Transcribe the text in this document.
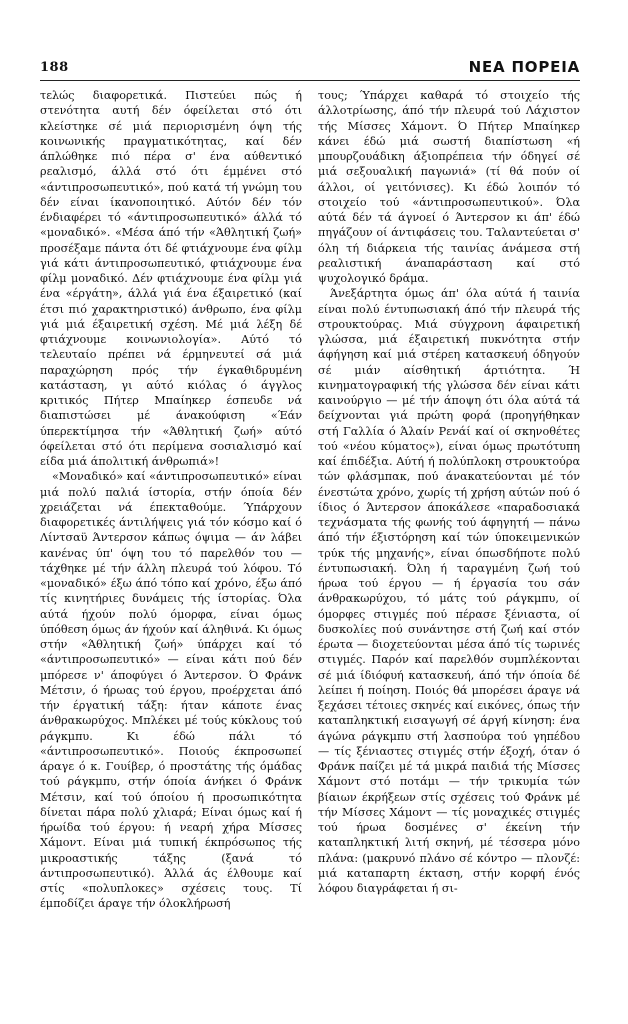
188	ΝΕΑ ΠΟΡΕΙΑ

τελώς διαφορετικά. Πιστεύει πώς ή στενότητα αυτή δέν όφείλεται στό ότι κλείστηκε σέ μιά περιορισμένη όψη τής κοινωνικής πραγματικότητας, καί δέν άπλώθηκε πιό πέρα σ' ένα αύθεντικό ρεαλισμό, άλλά στό ότι έμμένει στό «άντιπροσωπευτικό», πού κατά τή γνώμη του δέν είναι ίκανοποιητικό. Αύτόν δέν τόν ένδιαφέρει τό «άντιπροσωπευτικό» άλλά τό «μοναδικό». «Μέσα άπό τήν «Άθλητική ζωή» προσέξαμε πάντα ότι δέ φτιάχνουμε ένα φίλμ γιά κάτι άντιπροσωπευτικό, φτιάχνουμε ένα φίλμ μοναδικό. Δέν φτιάχνουμε ένα φίλμ γιά ένα «έργάτη», άλλά γιά ένα έξαιρετικό (καί έτσι πιό χαρακτηριστικό) άνθρωπο, ένα φίλμ γιά μιά έξαιρετική σχέση. Μέ μιά λέξη δέ φτιάχνουμε κοινωνιολογία». Αύτό τό τελευταίο πρέπει νά έρμηνευτεί σά μιά παραχώρηση πρός τήν έγκαθιδρυμένη κατάσταση, γι αύτό κιόλας ό άγγλος κριτικός Πήτερ Μπαίηκερ έσπευδε νά διαπιστώσει μέ άνακούφιση «Έάν ύπερεκτίμησα τήν «Άθλητική ζωή» αύτό όφείλεται στό ότι περίμενα σοσιαλισμό καί είδα μιά άπολιτική άνθρωπιά»!

«Μοναδικό» καί «άντιπροσωπευτικό» είναι μιά πολύ παλιά ίστορία, στήν όποία δέν χρειάζεται νά έπεκταθούμε. Ύπάρχουν διαφορετικές άντιλήψεις γιά τόν κόσμο καί ό Λίντσαϋ Άντερσον κάπως όψιμα — άν λάβει κανένας ύπ' όψη του τό παρελθόν του — τάχθηκε μέ τήν άλλη πλευρά τού λόφου. Τό «μοναδικό» έξω άπό τόπο καί χρόνο, έξω άπό τίς κινητήριες δυνάμεις τής ίστορίας. Όλα αύτά ήχούν πολύ όμορφα, είναι όμως ύπόθεση όμως άν ήχούν καί άληθινά. Κι όμως στήν «Άθλητική ζωή» ύπάρχει καί τό «άντιπροσωπευτικό» — είναι κάτι πού δέν μπόρεσε ν' άποφύγει ό Άντερσον. Ό Φράνκ Μέτσιν, ό ήρωας τού έργου, προέρχεται άπό τήν έργατική τάξη: ήταν κάποτε ένας άνθρακωρύχος. Μπλέκει μέ τούς κύκλους τού ράγκμπυ. Κι έδώ πάλι τό «άντιπροσωπευτικό». Ποιούς έκπροσωπεί άραγε ό κ. Γουίβερ, ό προστάτης τής όμάδας τού ράγκμπυ, στήν όποία άνήκει ό Φράνκ Μέτσιν, καί τού όποίου ή προσωπικότητα δίνεται πάρα πολύ χλιαρά; Είναι όμως καί ή ήρωίδα τού έργου: ή νεαρή χήρα Μίσσες Χάμοντ. Είναι μιά τυπική έκπρόσωπος τής μικροαστικής τάξης (ξανά τό άντιπροσωπευτικό). Άλλά άς έλθουμε καί στίς «πολυπλοκες» σχέσεις τους. Τί έμποδίζει άραγε τήν όλοκλήρωσή

τους; Ύπάρχει καθαρά τό στοιχείο τής άλλοτρίωσης, άπό τήν πλευρά τού Λάχιστον τής Μίσσες Χάμοντ. Ό Πήτερ Μπαίηκερ κάνει έδώ μιά σωστή διαπίστωση «ή μπουρζουάδικη άξιοπρέπεια τήν όδηγεί σέ μιά σεξουαλική παγωνιά» (τί θά πούν οί άλλοι, οί γειτόνισες). Κι έδώ λοιπόν τό στοιχείο τού «άντιπροσωπευτικού». Όλα αύτά δέν τά άγνοεί ό Άντερσον κι άπ' έδώ πηγάζουν οί άντιφάσεις του. Ταλαντεύεται σ' όλη τή διάρκεια τής ταινίας άνάμεσα στή ρεαλιστική άναπαράσταση καί στό ψυχολογικό δράμα.

Άνεξάρτητα όμως άπ' όλα αύτά ή ταινία είναι πολύ έντυπωσιακή άπό τήν πλευρά τής στρουκτούρας. Μιά σύγχρονη άφαιρετική γλώσσα, μιά έξαιρετική πυκνότητα στήν άφήγηση καί μιά στέρεη κατασκευή όδηγούν σέ μιάν αίσθητική άρτιότητα. Ή κινηματογραφική τής γλώσσα δέν είναι κάτι καινούργιο — μέ τήν άποψη ότι όλα αύτά τά δείχνονται γιά πρώτη φορά (προηγήθηκαν στή Γαλλία ό Άλαίν Ρενάί καί οί σκηνοθέτες τού «νέου κύματος»), είναι όμως πρωτότυπη καί έπιδέξια. Αύτή ή πολύπλοκη στρουκτούρα τών φλάσμπακ, πού άνακατεύονται μέ τόν ένεστώτα χρόνο, χωρίς τή χρήση αύτών πού ό ίδιος ό Άντερσον άποκάλεσε «παραδοσιακά τεχνάσματα τής φωνής τού άφηγητή — πάνω άπό τήν έξιστόρηση καί τών ύποκειμενικών τρύκ τής μηχανής», είναι όπωσδήποτε πολύ έντυπωσιακή. Όλη ή ταραγμένη ζωή τού ήρωα τού έργου — ή έργασία του σάν άνθρακωρύχου, τό μάτς τού ράγκμπυ, οί όμορφες στιγμές πού πέρασε ξένιαστα, οί δυσκολίες πού συνάντησε στή ζωή καί στόν έρωτα — διοχετεύονται μέσα άπό τίς τωρινές στιγμές. Παρόν καί παρελθόν συμπλέκονται σέ μιά ίδιόφυή κατασκευή, άπό τήν όποία δέ λείπει ή ποίηση. Ποιός θά μπορέσει άραγε νά ξεχάσει τέτοιες σκηνές καί εικόνες, όπως τήν καταπληκτική εισαγωγή σέ άργή κίνηση: ένα άγώνα ράγκμπυ στή λασπούρα τού γηπέδου — τίς ξένιαστες στιγμές στήν έξοχή, όταν ό Φράνκ παίζει μέ τά μικρά παιδιά τής Μίσσες Χάμοντ στό ποτάμι — τήν τρικυμία τών βίαιων έκρήξεων στίς σχέσεις τού Φράνκ μέ τήν Μίσσες Χάμοντ — τίς μοναχικές στιγμές τού ήρωα δοσμένες σ' έκείνη τήν καταπληκτική λιτή σκηνή, μέ τέσσερα μόνο πλάνα: (μακρυνό πλάνο σέ κόντρο — πλονζέ: μιά καταπαρτη έκταση, στήν κορφή ένός λόφου διαγράφεται ή σι-
